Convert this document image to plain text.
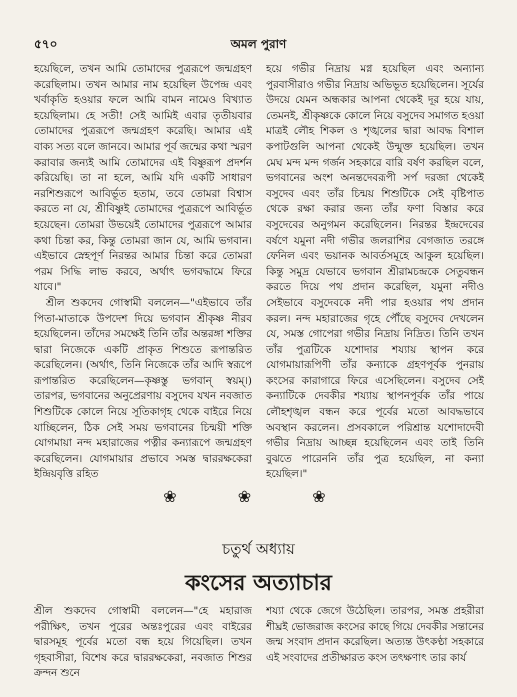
৫৭০	অমল পুরাণ

হয়েছিলে, তখন আমি তোমাদের পুত্ররূপে জন্মগ্রহণ করেছিলাম। তখন আমার নাম হয়েছিল উপেন্দ্র এবং খর্বাকৃতি হওয়ার ফলে আমি বামন নামেও বিখ্যাত হয়েছিলাম। হে সতী! সেই আমিই এবার তৃতীয়বার তোমাদের পুত্ররূপে জন্মগ্রহণ করেছি। আমার এই বাক্য সত্য বলে জানবে। আমার পূর্ব জন্মের কথা স্মরণ করাবার জন্যই আমি তোমাদের এই বিষ্ণুরূপ প্রদর্শন করিয়েছি। তা না হলে, আমি যদি একটি সাধারণ নরশিশুরূপে আবির্ভূত হতাম, তবে তোমরা বিশ্বাস করতে না যে, শ্রীবিষ্ণুই তোমাদের পুত্ররূপে আবির্ভূত হয়েছেন। তোমরা উভয়েই তোমাদের পুত্ররূপে আমার কথা চিন্তা কর, কিন্তু তোমরা জান যে, আমি ভগবান। এইভাবে স্নেহপূর্ণ নিরন্তর আমার চিন্তা করে তোমরা পরম সিদ্ধি লাভ করবে, অর্থাৎ ভগবদ্ধামে ফিরে যাবে।"

শ্রীল শুকদেব গোস্বামী বললেন—"এইভাবে তাঁর পিতা-মাতাকে উপদেশ দিয়ে ভগবান শ্রীকৃষ্ণ নীরব হয়েছিলেন। তাঁদের সমক্ষেই তিনি তাঁর অন্তরঙ্গা শক্তির দ্বারা নিজেকে একটি প্রাকৃত শিশুতে রূপান্তরিত করেছিলেন। (অর্থাৎ, তিনি নিজেকে তাঁর আদি স্বরূপে রূপান্তরিত করেছিলেন—কৃষ্ণস্তু ভগবান্ স্বয়ম্।) তারপর, ভগবানের অনুপ্রেরণায় বসুদেব যখন নবজাত শিশুটিকে কোলে নিয়ে সূতিকাগৃহ থেকে বাইরে নিয়ে যাচ্ছিলেন, ঠিক সেই সময় ভগবানের চিন্ময়ী শক্তি যোগমায়া নন্দ মহারাজের পত্নীর কন্যারূপে জন্মগ্রহণ করেছিলেন। যোগমায়ার প্রভাবে সমস্ত দ্বাররক্ষকেরা ইন্দ্রিয়বৃত্তি রহিত

হয়ে গভীর নিদ্রায় মগ্ন হয়েছিল এবং অন্যান্য পুরবাসীরাও গভীর নিদ্রায় অভিভূত হয়েছিলেন। সূর্যের উদয়ে যেমন অন্ধকার আপনা থেকেই দূর হয়ে যায়, তেমনই, শ্রীকৃষ্ণকে কোলে নিয়ে বসুদেব সমাগত হওয়া মাত্রই লৌহ শিকল ও শৃঙ্খলের দ্বারা আবদ্ধ বিশাল কপাটগুলি আপনা থেকেই উন্মুক্ত হয়েছিল। তখন মেঘ মন্দ মন্দ গর্জন সহকারে বারি বর্ষণ করছিল বলে, ভগবানের অংশ অনন্তদেবরূপী সর্প দরজা থেকেই বসুদেব এবং তাঁর চিন্ময় শিশুটিকে সেই বৃষ্টিপাত থেকে রক্ষা করার জন্য তাঁর ফণা বিস্তার করে বসুদেবের অনুগমন করেছিলেন। নিরন্তর ইন্দ্রদেবের বর্ষণে যমুনা নদী গভীর জলরাশির বেগজাত তরঙ্গে ফেনিল এবং ভয়ানক আবর্তসমূহে আকুল হয়েছিল। কিন্তু সমুদ্র যেভাবে ভগবান শ্রীরামচন্দ্রকে সেতুবন্ধন করতে দিয়ে পথ প্রদান করেছিল, যমুনা নদীও সেইভাবে বসুদেবকে নদী পার হওয়ার পথ প্রদান করল। নন্দ মহারাজের গৃহে পৌঁছে বসুদেব দেখলেন যে, সমস্ত গোপেরা গভীর নিদ্রায় নিদ্রিত। তিনি তখন তাঁর পুত্রটিকে যশোদার শয্যায় স্থাপন করে যোগমায়ারূপিণী তাঁর কন্যাকে গ্রহণপূর্বক পুনরায় কংসের কারাগারে ফিরে এসেছিলেন। বসুদেব সেই কন্যাটিকে দেবকীর শয্যায় স্থাপনপূর্বক তাঁর পায়ে লৌহশৃঙ্খল বন্ধন করে পূর্বের মতো আবদ্ধভাবে অবস্থান করলেন। প্রসবকালে পরিশ্রান্ত যশোদাদেবী গভীর নিদ্রায় আচ্ছন্ন হয়েছিলেন এবং তাই তিনি বুঝতে পারেননি তাঁর পুত্র হয়েছিল, না কন্যা হয়েছিল।"

❀ ❀ ❀
চতুর্থ অধ্যায়
কংসের অত্যাচার

শ্রীল শুকদেব গোস্বামী বললেন—"হে মহারাজ পরীক্ষিৎ, তখন পুরের অন্তঃপুরের এবং বাইরের দ্বারসমূহ পূর্বের মতো বন্ধ হয়ে গিয়েছিল। তখন গৃহবাসীরা, বিশেষ করে দ্বাররক্ষকেরা, নবজাত শিশুর ক্রন্দন শুনে

শয্যা থেকে জেগে উঠেছিল। তারপর, সমস্ত প্রহরীরা শীঘ্রই ভোজরাজ কংসের কাছে গিয়ে দেবকীর সন্তানের জন্ম সংবাদ প্রদান করেছিল। অত্যন্ত উৎকণ্ঠা সহকারে এই সংবাদের প্রতীক্ষারত কংস তৎক্ষণাৎ তার কার্য
